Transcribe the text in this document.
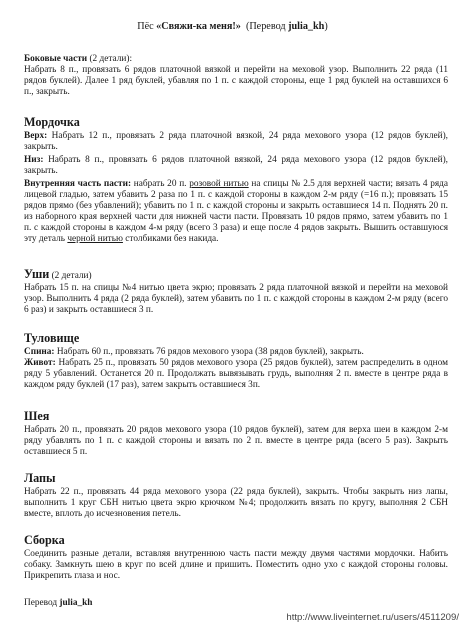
Пёс «Свяжи-ка меня!»  (Перевод julia_kh)
Боковые части (2 детали):
Набрать 8 п., провязать 6 рядов платочной вязкой и перейти на меховой узор. Выполнить 22 ряда (11 рядов буклей). Далее 1 ряд буклей, убавляя по 1 п. с каждой стороны, еще 1 ряд буклей на оставшихся 6 п., закрыть.
Мордочка
Верх: Набрать 12 п., провязать 2 ряда платочной вязкой, 24 ряда мехового узора (12 рядов буклей), закрыть.
Низ: Набрать 8 п., провязать 6 рядов платочной вязкой, 24 ряда мехового узора (12 рядов буклей), закрыть.
Внутренняя часть пасти: набрать 20 п. розовой нитью на спицы № 2.5 для верхней части; вязать 4 ряда лицевой гладью, затем убавить 2 раза по 1 п. с каждой стороны в каждом 2-м ряду (=16 п.); провязать 15 рядов прямо (без убавлений); убавить по 1 п. с каждой стороны и закрыть оставшиеся 14 п. Поднять 20 п. из наборного края верхней части для нижней части пасти. Провязать 10 рядов прямо, затем убавить по 1 п. с каждой стороны в каждом 4-м ряду (всего 3 раза) и еще после 4 рядов закрыть. Вышить оставшуюся эту деталь черной нитью столбиками без накида.
Уши (2 детали)
Набрать 15 п. на спицы №4 нитью цвета экрю; провязать 2 ряда платочной вязкой и перейти на меховой узор. Выполнить 4 ряда (2 ряда буклей), затем убавить по 1 п. с каждой стороны в каждом 2-м ряду (всего 6 раз) и закрыть оставшиеся 3 п.
Туловище
Спина: Набрать 60 п., провязать 76 рядов мехового узора (38 рядов буклей), закрыть.
Живот: Набрать 25 п., провязать 50 рядов мехового узора (25 рядов буклей), затем распределить в одном ряду 5 убавлений. Останется 20 п. Продолжать вывязывать грудь, выполняя 2 п. вместе в центре ряда в каждом ряду буклей (17 раз), затем закрыть оставшиеся 3п.
Шея
Набрать 20 п., провязать 20 рядов мехового узора (10 рядов буклей), затем для верха шеи в каждом 2-м ряду убавлять по 1 п. с каждой стороны и вязать по 2 п. вместе в центре ряда (всего 5 раз). Закрыть оставшиеся 5 п.
Лапы
Набрать 22 п., провязать 44 ряда мехового узора (22 ряда буклей), закрыть. Чтобы закрыть низ лапы, выполнить 1 круг СБН нитью цвета экрю крючком №4; продолжить вязать по кругу, выполняя 2 СБН вместе, вплоть до исчезновения петель.
Сборка
Соединить разные детали, вставляя внутреннюю часть пасти между двумя частями мордочки. Набить собаку. Замкнуть шею в круг по всей длине и пришить. Поместить одно ухо с каждой стороны головы. Прикрепить глаза и нос.
Перевод julia_kh
http://www.liveinternet.ru/users/4511209/
